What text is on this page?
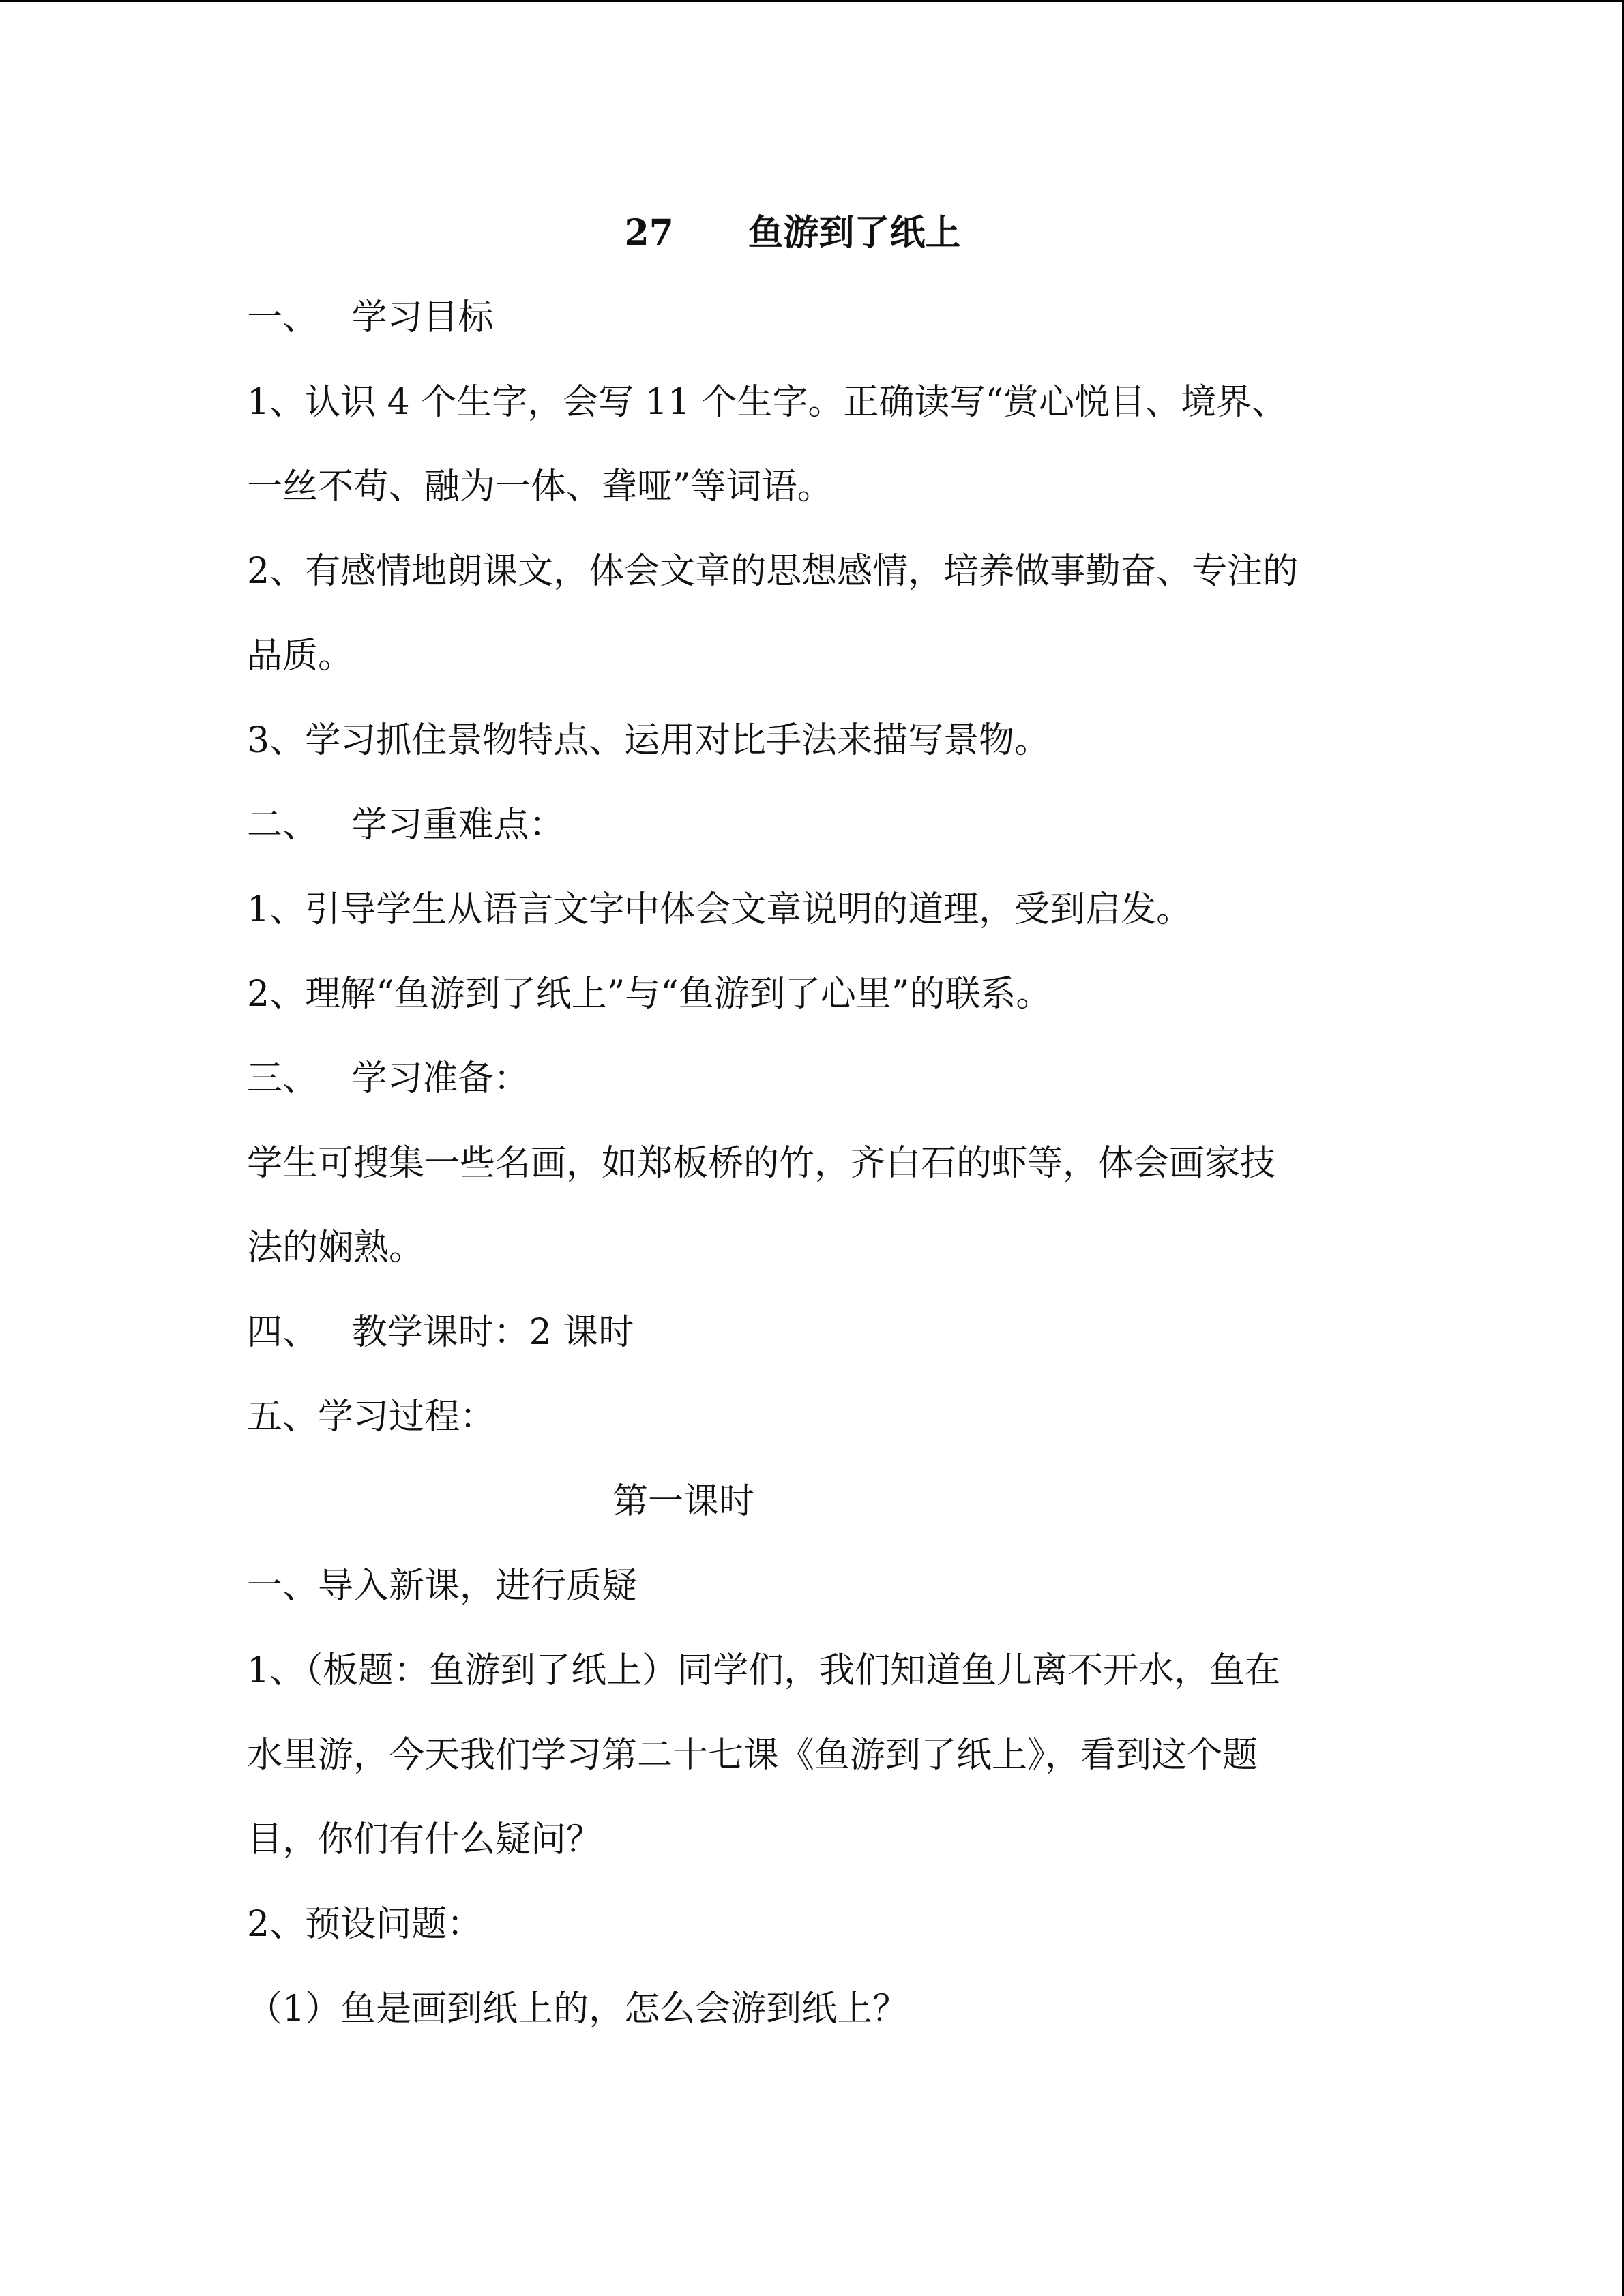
27      鱼游到了纸上
一、   学习目标
1、认识 4 个生字，会写 11 个生字。正确读写“赏心悦目、境界、
一丝不苟、融为一体、聋哑”等词语。
2、有感情地朗课文，体会文章的思想感情，培养做事勤奋、专注的
品质。
3、学习抓住景物特点、运用对比手法来描写景物。
二、   学习重难点：
1、引导学生从语言文字中体会文章说明的道理，受到启发。
2、理解“鱼游到了纸上”与“鱼游到了心里”的联系。
三、   学习准备：
学生可搜集一些名画，如郑板桥的竹，齐白石的虾等，体会画家技
法的娴熟。
四、   教学课时：2 课时
五、学习过程：
第一课时
一、导入新课，进行质疑
1、（板题：鱼游到了纸上）同学们，我们知道鱼儿离不开水，鱼在
水里游，今天我们学习第二十七课《鱼游到了纸上》，看到这个题
目，你们有什么疑问？
2、预设问题：
（1）鱼是画到纸上的，怎么会游到纸上？
